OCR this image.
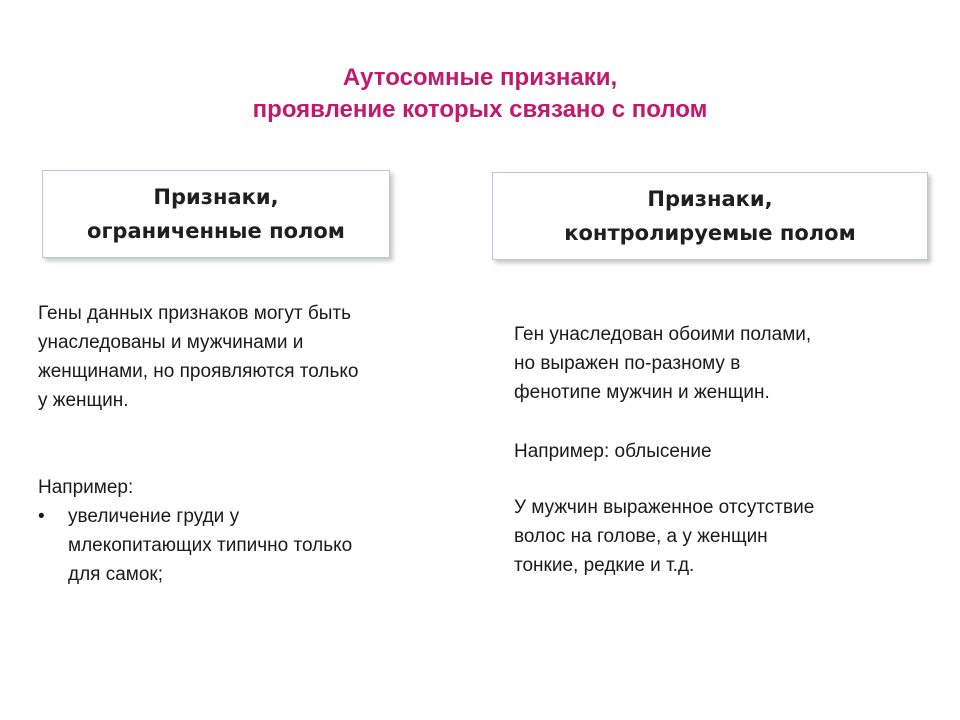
Аутосомные признаки,
проявление которых связано с полом
Признаки,
ограниченные полом
Признаки,
контролируемые полом
Гены данных признаков могут быть
унаследованы и мужчинами и
женщинами, но проявляются только
у женщин.
Например:
• увеличение груди у
млекопитающих типично только
для самок;
Ген унаследован обоими полами,
но выражен по-разному в
фенотипе мужчин и женщин.
Например: облысение
У мужчин выраженное отсутствие
волос на голове, а у женщин
тонкие, редкие и т.д.
